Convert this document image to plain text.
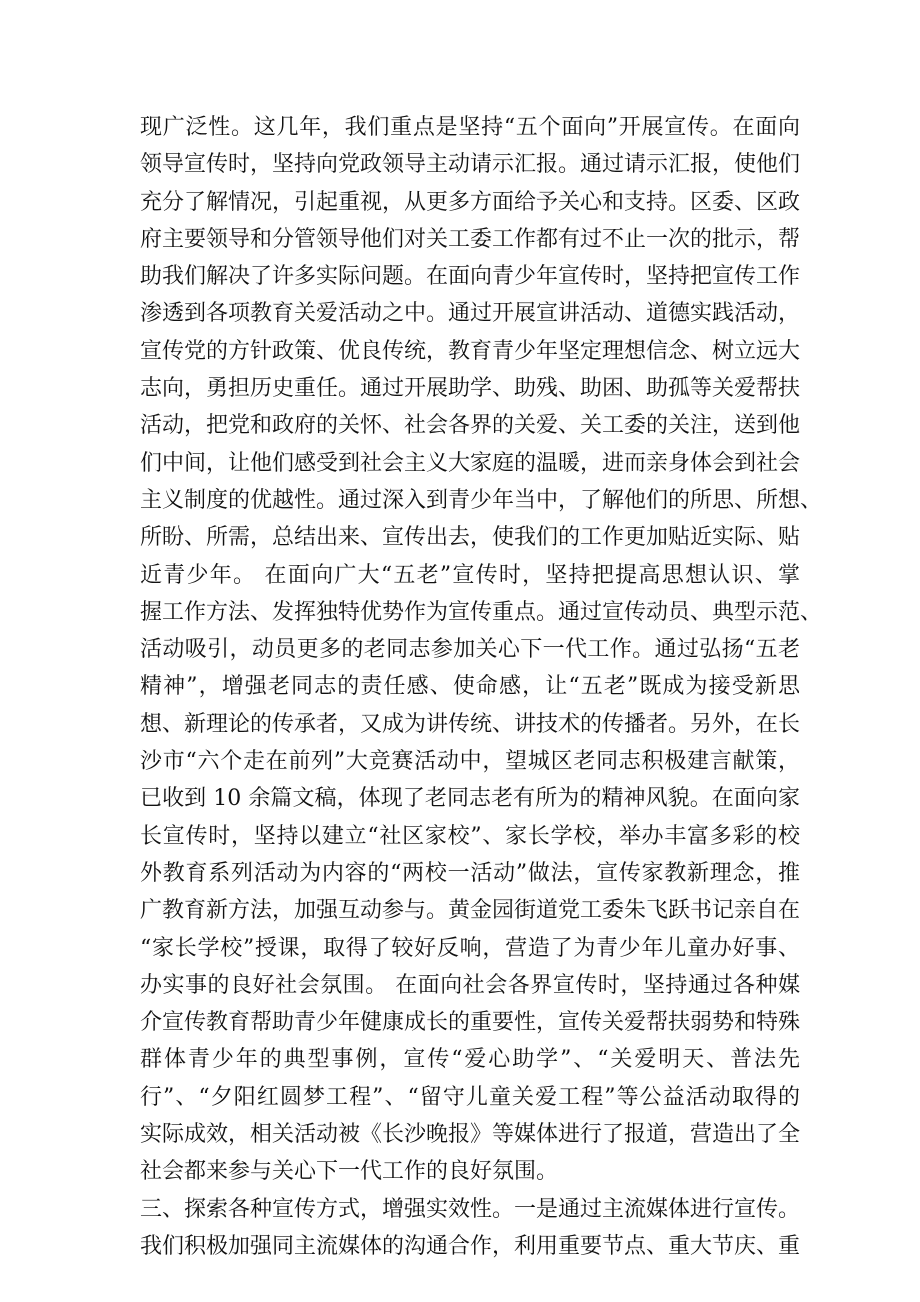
现广泛性。这几年，我们重点是坚持“五个面向”开展宣传。在面向
领导宣传时，坚持向党政领导主动请示汇报。通过请示汇报，使他们
充分了解情况，引起重视，从更多方面给予关心和支持。区委、区政
府主要领导和分管领导他们对关工委工作都有过不止一次的批示，帮
助我们解决了许多实际问题。在面向青少年宣传时，坚持把宣传工作
渗透到各项教育关爱活动之中。通过开展宣讲活动、道德实践活动，
宣传党的方针政策、优良传统，教育青少年坚定理想信念、树立远大
志向，勇担历史重任。通过开展助学、助残、助困、助孤等关爱帮扶
活动，把党和政府的关怀、社会各界的关爱、关工委的关注，送到他
们中间，让他们感受到社会主义大家庭的温暖，进而亲身体会到社会
主义制度的优越性。通过深入到青少年当中，了解他们的所思、所想、
所盼、所需，总结出来、宣传出去，使我们的工作更加贴近实际、贴
近青少年。 在面向广大“五老”宣传时，坚持把提高思想认识、掌
握工作方法、发挥独特优势作为宣传重点。通过宣传动员、典型示范、
活动吸引，动员更多的老同志参加关心下一代工作。通过弘扬“五老
精神”，增强老同志的责任感、使命感，让“五老”既成为接受新思
想、新理论的传承者，又成为讲传统、讲技术的传播者。另外，在长
沙市“六个走在前列”大竞赛活动中，望城区老同志积极建言献策，
已收到 10 余篇文稿，体现了老同志老有所为的精神风貌。在面向家
长宣传时，坚持以建立“社区家校”、家长学校，举办丰富多彩的校
外教育系列活动为内容的“两校一活动”做法，宣传家教新理念，推
广教育新方法，加强互动参与。黄金园街道党工委朱飞跃书记亲自在
“家长学校”授课，取得了较好反响，营造了为青少年儿童办好事、
办实事的良好社会氛围。 在面向社会各界宣传时，坚持通过各种媒
介宣传教育帮助青少年健康成长的重要性，宣传关爱帮扶弱势和特殊
群体青少年的典型事例，宣传“爱心助学”、“关爱明天、普法先
行”、“夕阳红圆梦工程”、“留守儿童关爱工程”等公益活动取得的
实际成效，相关活动被《长沙晚报》等媒体进行了报道，营造出了全
社会都来参与关心下一代工作的良好氛围。
三、探索各种宣传方式，增强实效性。一是通过主流媒体进行宣传。
我们积极加强同主流媒体的沟通合作，利用重要节点、重大节庆、重
